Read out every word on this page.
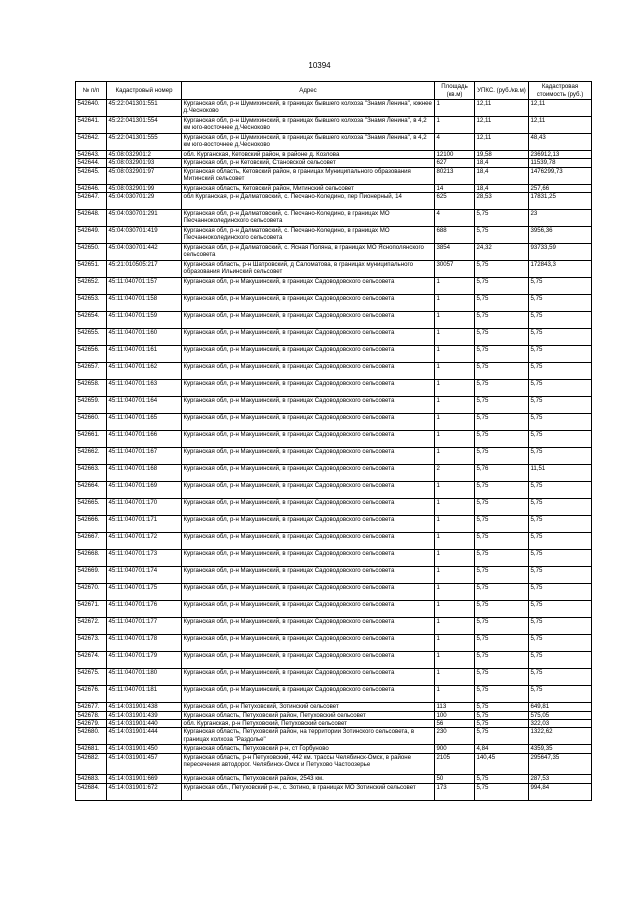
10394
№ п/п	Кадастровый номер	Адрес	Площадь (кв.м)	УПКС. (руб./кв.м)	Кадастровая стоимость (руб.)
542640.	45:22:041301:551	Курганская обл, р-н Шумихинский, в границах бывшего колхоза "Знамя Ленина", южнее д.Чесноково	1	12,11	12,11
542641.	45:22:041301:554	Курганская обл, р-н Шумихинский, в границах бывшего колхоза "Знамя Ленина", в 4,2 км юго-восточнее д.Чесноково	1	12,11	12,11
542642.	45:22:041301:555	Курганская обл, р-н Шумихинский, в границах бывшего колхоза "Знамя Ленина", в 4,2 км юго-восточнее д.Чесноково	4	12,11	48,43
542643.	45:08:032901:2	обл. Курганская, Кетовский район, в районе д. Козлова	12100	19,58	236912,13
542644.	45:08:032901:93	Курганская обл, р-н Кетовский, Становской сельсовет	627	18,4	11539,78
542645.	45:08:032901:97	Курганская область, Кетовский район, в границах Муниципального образования Митинский сельсовет	80213	18,4	1476299,73
542646.	45:08:032901:99	Курганская область, Кетовский район, Митинский сельсовет	14	18,4	257,66
542647.	45:04:030701:29	обл Курганская, р-н Далматовский, с. Песчано-Коледино, пер Пионерный, 14	625	28,53	17831,25
542648.	45:04:030701:291	Курганская обл, р-н Далматовский, с. Песчано-Коледино, в границах МО Песчанноколединского сельсовета	4	5,75	23
542649.	45:04:030701:419	Курганская обл, р-н Далматовский, с. Песчано-Коледино, в границах МО Песчанноколединского сельсовета	688	5,75	3956,36
542650.	45:04:030701:442	Курганская обл, р-н Далматовский, с. Ясная Поляна, в границах МО Яснополянского сельсовета	3854	24,32	93733,59
542651.	45:21:010505:217	Курганская область, р-н Шатровский, д Саломатова, в границах муниципального образования Ильинский сельсовет	30057	5,75	172843,3
542652.	45:11:040701:157	Курганская обл, р-н Макушинский, в границах Садоводовского сельсовета	1	5,75	5,75
542653.	45:11:040701:158	Курганская обл, р-н Макушинский, в границах Садоводовского сельсовета	1	5,75	5,75
542654.	45:11:040701:159	Курганская обл, р-н Макушинский, в границах Садоводовского сельсовета	1	5,75	5,75
542655.	45:11:040701:160	Курганская обл, р-н Макушинский, в границах Садоводовского сельсовета	1	5,75	5,75
542656.	45:11:040701:161	Курганская обл, р-н Макушинский, в границах Садоводовского сельсовета	1	5,75	5,75
542657.	45:11:040701:162	Курганская обл, р-н Макушинский, в границах Садоводовского сельсовета	1	5,75	5,75
542658.	45:11:040701:163	Курганская обл, р-н Макушинский, в границах Садоводовского сельсовета	1	5,75	5,75
542659.	45:11:040701:164	Курганская обл, р-н Макушинский, в границах Садоводовского сельсовета	1	5,75	5,75
542660.	45:11:040701:165	Курганская обл, р-н Макушинский, в границах Садоводовского сельсовета	1	5,75	5,75
542661.	45:11:040701:166	Курганская обл, р-н Макушинский, в границах Садоводовского сельсовета	1	5,75	5,75
542662.	45:11:040701:167	Курганская обл, р-н Макушинский, в границах Садоводовского сельсовета	1	5,75	5,75
542663.	45:11:040701:168	Курганская обл, р-н Макушинский, в границах Садоводовского сельсовета	2	5,76	11,51
542664.	45:11:040701:169	Курганская обл, р-н Макушинский, в границах Садоводовского сельсовета	1	5,75	5,75
542665.	45:11:040701:170	Курганская обл, р-н Макушинский, в границах Садоводовского сельсовета	1	5,75	5,75
542666.	45:11:040701:171	Курганская обл, р-н Макушинский, в границах Садоводовского сельсовета	1	5,75	5,75
542667.	45:11:040701:172	Курганская обл, р-н Макушинский, в границах Садоводовского сельсовета	1	5,75	5,75
542668.	45:11:040701:173	Курганская обл, р-н Макушинский, в границах Садоводовского сельсовета	1	5,75	5,75
542669.	45:11:040701:174	Курганская обл, р-н Макушинский, в границах Садоводовского сельсовета	1	5,75	5,75
542670.	45:11:040701:175	Курганская обл, р-н Макушинский, в границах Садоводовского сельсовета	1	5,75	5,75
542671.	45:11:040701:176	Курганская обл, р-н Макушинский, в границах Садоводовского сельсовета	1	5,75	5,75
542672.	45:11:040701:177	Курганская обл, р-н Макушинский, в границах Садоводовского сельсовета	1	5,75	5,75
542673.	45:11:040701:178	Курганская обл, р-н Макушинский, в границах Садоводовского сельсовета	1	5,75	5,75
542674.	45:11:040701:179	Курганская обл, р-н Макушинский, в границах Садоводовского сельсовета	1	5,75	5,75
542675.	45:11:040701:180	Курганская обл, р-н Макушинский, в границах Садоводовского сельсовета	1	5,75	5,75
542676.	45:11:040701:181	Курганская обл, р-н Макушинский, в границах Садоводовского сельсовета	1	5,75	5,75
542677.	45:14:031901:438	Курганская обл, р-н Петуховский, Зотинский сельсовет	113	5,75	649,81
542678.	45:14:031901:439	Курганская область, Петуховский район, Петуховский сельсовет	100	5,75	575,05
542679.	45:14:031901:440	обл. Курганская, р-н Петуховский, Петуховский сельсовет	56	5,75	322,03
542680.	45:14:031901:444	Курганская область, Петуховский район, на территории Зотинского сельсовета, в границах колхоза "Раздолье"	230	5,75	1322,62
542681.	45:14:031901:450	Курганская область, Петуховский р-н, ст Горбуново	900	4,84	4359,35
542682.	45:14:031901:457	Курганская область, р-н Петуховский, 442 км. трассы Челябинск-Омск, в районе пересечения автодорог. Челябинск-Омск и Петухово Частоозерье	2105	140,45	295647,35
542683.	45:14:031901:669	Курганская область, Петуховский район, 2543 км.	50	5,75	287,53
542684.	45:14:031901:672	Курганская обл., Петуховский р-н., с. Зотино, в границах МО Зотинский сельсовет	173	5,75	994,84
